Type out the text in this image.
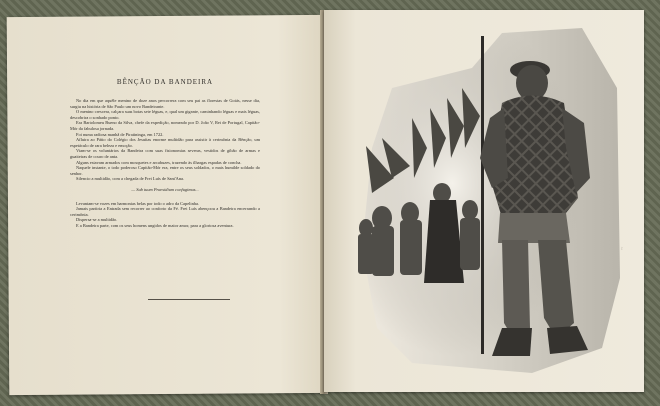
BÊNÇÃO DA BANDEIRA

No dia em que aquêle menino de doze anos percorrera com seu pai as florestas de Goiás, nesse dia, surgiu na história de São Paulo um novo Bandeirante.

O menino crescera, calçara suas botas sete léguas, e, qual um gigante, caminhando léguas e mais léguas, descobrira o sonhado ponto.

Era Bartolomeu Bueno da Silva, chefe da expedição, nomeado por D. João V, Rei de Portugal, Capitão-Mór da fabulosa jornada.

Foi numa radiosa manhã de Piratininga, em 1722.

Afluira ao Pátio do Colégio dos Jesuítas enorme multidão para assistir à cerimônia da Bênção, um espetáculo de rara beleza e emoção.

Viam-se os voluntários da Bandeira com suas fisionomias severas, vestidos de gibão de armas e guaiteiras de couro de anta.

Alguns estavam armados com mosquetes e arcabuzes, trazendo às ilhargas espadas de concha.

Naquele instante, o todo poderoso Capitão-Mór era, entre os seus soldados, o mais humilde soldado do senhor.

Silencio a multidão, com a chegada de Frei Luís de Sant'Ana.

— Sub tuum Praesidium confugimus...

Levantam-se vozes em harmonias belas por todo o adro da Capelinha.

Jamais partiria a Entrada sem recorrer ao conforto da Fé. Frei Luís abençoou a Bandeira encerrando a cerimônia.

Dispersa-se a multidão.

E a Bandeira parte, com os seus homens ungidos de maior amor, para a gloriosa aventura.

~
